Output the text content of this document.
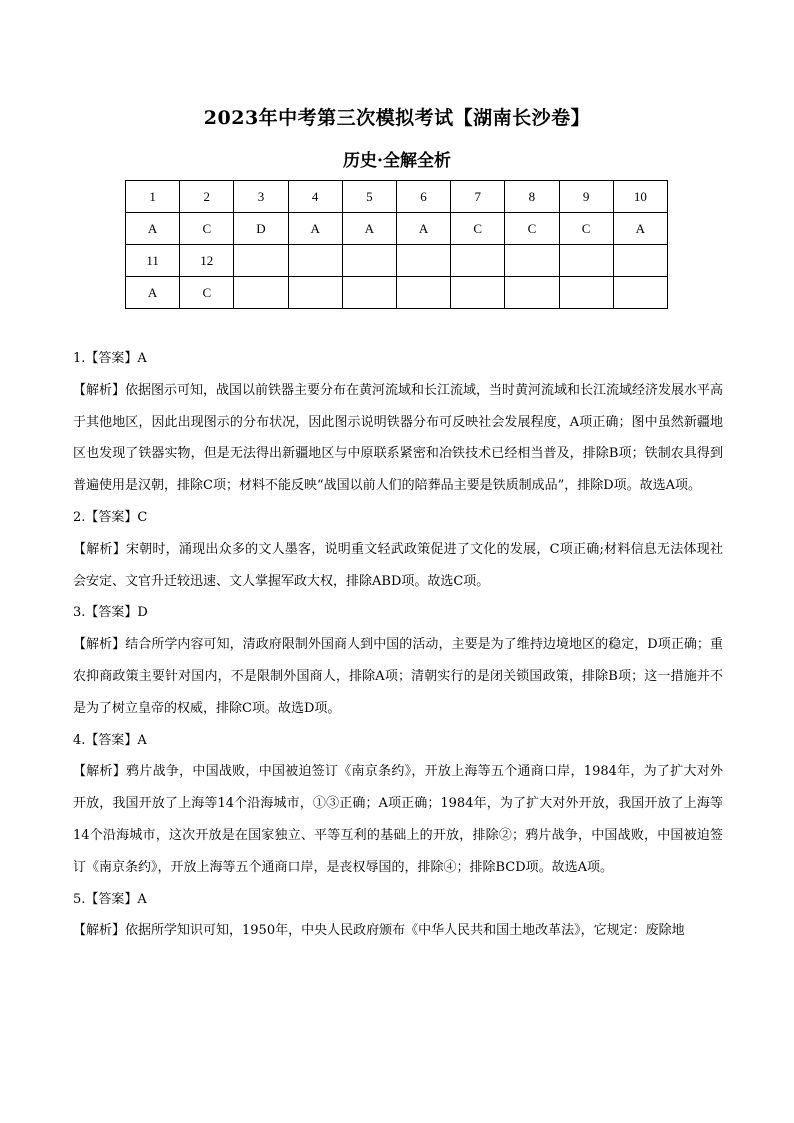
2023年中考第三次模拟考试【湖南长沙卷】
历史·全解全析
1	2	3	4	5	6	7	8	9	10
A	C	D	A	A	A	C	C	C	A
11	12								
A	C								

1.【答案】A

【解析】依据图示可知，战国以前铁器主要分布在黄河流域和长江流域，当时黄河流域和长江流域经济发展水平高于其他地区，因此出现图示的分布状况，因此图示说明铁器分布可反映社会发展程度，A项正确；图中虽然新疆地区也发现了铁器实物，但是无法得出新疆地区与中原联系紧密和冶铁技术已经相当普及，排除B项；铁制农具得到普遍使用是汉朝，排除C项；材料不能反映“战国以前人们的陪葬品主要是铁质制成品”，排除D项。故选A项。

2.【答案】C

【解析】宋朝时，涌现出众多的文人墨客，说明重文轻武政策促进了文化的发展，C项正确;材料信息无法体现社会安定、文官升迁较迅速、文人掌握军政大权，排除ABD项。故选C项。

3.【答案】D

【解析】结合所学内容可知，清政府限制外国商人到中国的活动，主要是为了维持边境地区的稳定，D项正确；重农抑商政策主要针对国内，不是限制外国商人，排除A项；清朝实行的是闭关锁国政策，排除B项；这一措施并不是为了树立皇帝的权威，排除C项。故选D项。

4.【答案】A

【解析】鸦片战争，中国战败，中国被迫签订《南京条约》，开放上海等五个通商口岸，1984年，为了扩大对外开放，我国开放了上海等14个沿海城市，①③正确；A项正确；1984年，为了扩大对外开放，我国开放了上海等14个沿海城市，这次开放是在国家独立、平等互利的基础上的开放，排除②；鸦片战争，中国战败，中国被迫签订《南京条约》，开放上海等五个通商口岸，是丧权辱国的，排除④；排除BCD项。故选A项。

5.【答案】A

【解析】依据所学知识可知，1950年，中央人民政府颁布《中华人民共和国土地改革法》，它规定：废除地
